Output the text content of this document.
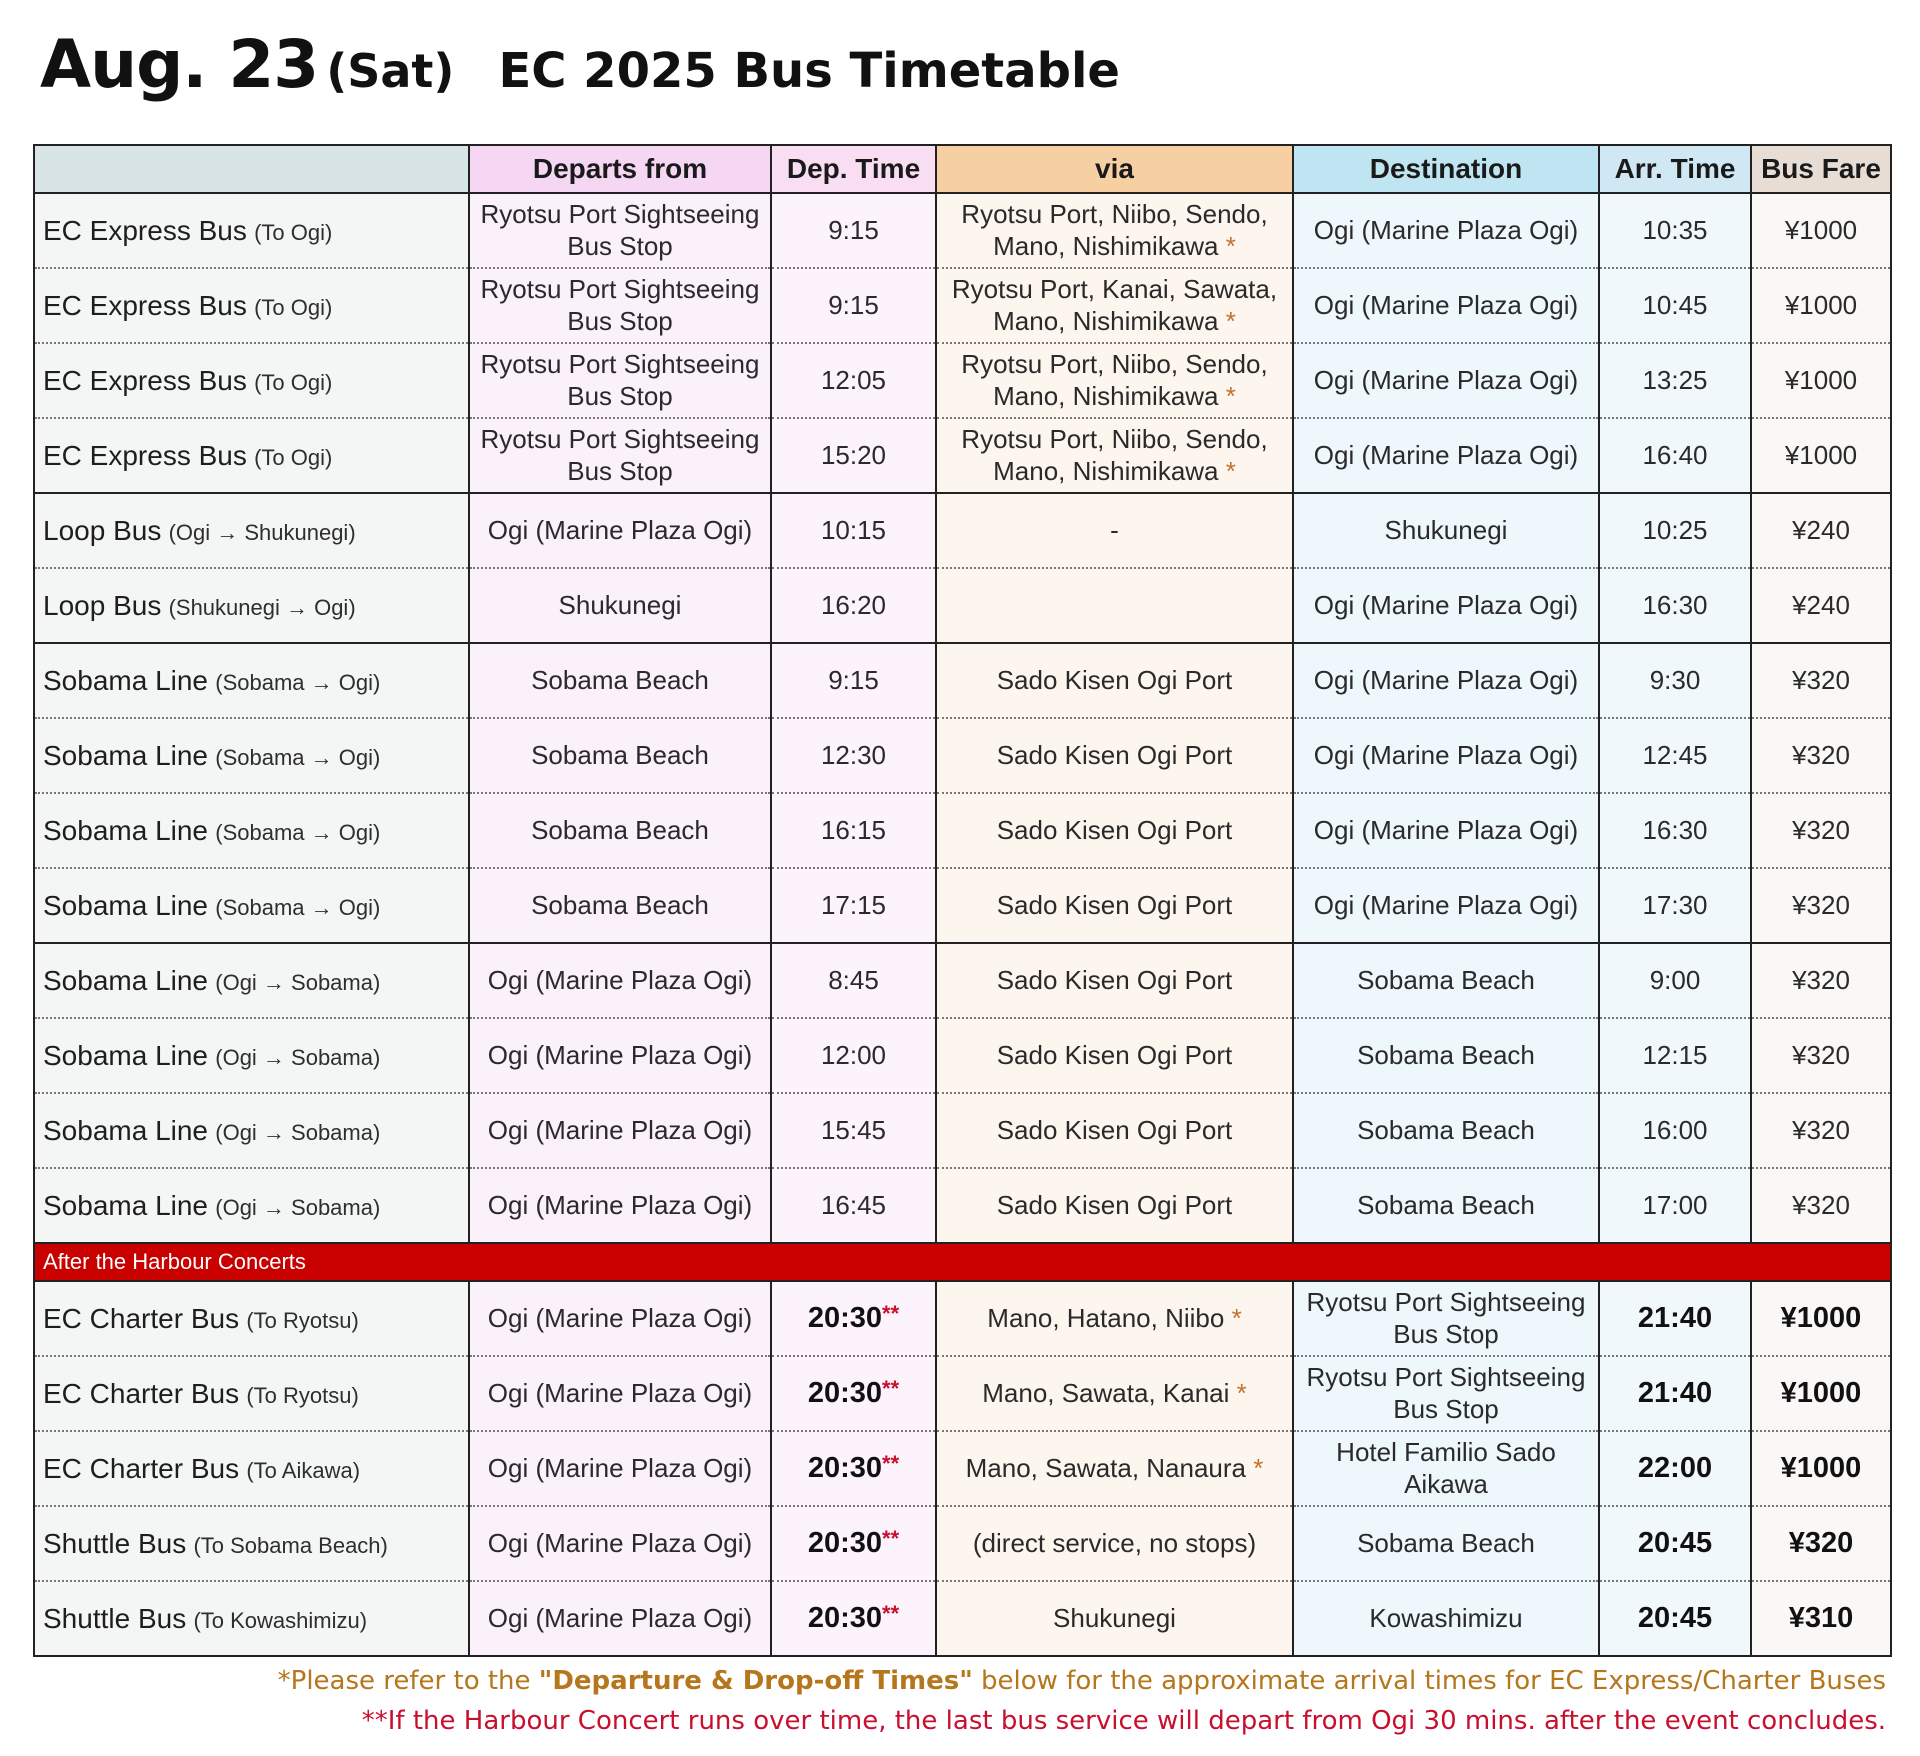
Aug. 23 (Sat) EC 2025 Bus Timetable
	Departs from	Dep. Time	via	Destination	Arr. Time	Bus Fare
EC Express Bus (To Ogi)	Ryotsu Port Sightseeing Bus Stop	9:15	Ryotsu Port, Niibo, Sendo, Mano, Nishimikawa *	Ogi (Marine Plaza Ogi)	10:35	¥1000
EC Express Bus (To Ogi)	Ryotsu Port Sightseeing Bus Stop	9:15	Ryotsu Port, Kanai, Sawata, Mano, Nishimikawa *	Ogi (Marine Plaza Ogi)	10:45	¥1000
EC Express Bus (To Ogi)	Ryotsu Port Sightseeing Bus Stop	12:05	Ryotsu Port, Niibo, Sendo, Mano, Nishimikawa *	Ogi (Marine Plaza Ogi)	13:25	¥1000
EC Express Bus (To Ogi)	Ryotsu Port Sightseeing Bus Stop	15:20	Ryotsu Port, Niibo, Sendo, Mano, Nishimikawa *	Ogi (Marine Plaza Ogi)	16:40	¥1000
Loop Bus (Ogi → Shukunegi)	Ogi (Marine Plaza Ogi)	10:15	-	Shukunegi	10:25	¥240
Loop Bus (Shukunegi → Ogi)	Shukunegi	16:20		Ogi (Marine Plaza Ogi)	16:30	¥240
Sobama Line (Sobama → Ogi)	Sobama Beach	9:15	Sado Kisen Ogi Port	Ogi (Marine Plaza Ogi)	9:30	¥320
Sobama Line (Sobama → Ogi)	Sobama Beach	12:30	Sado Kisen Ogi Port	Ogi (Marine Plaza Ogi)	12:45	¥320
Sobama Line (Sobama → Ogi)	Sobama Beach	16:15	Sado Kisen Ogi Port	Ogi (Marine Plaza Ogi)	16:30	¥320
Sobama Line (Sobama → Ogi)	Sobama Beach	17:15	Sado Kisen Ogi Port	Ogi (Marine Plaza Ogi)	17:30	¥320
Sobama Line (Ogi → Sobama)	Ogi (Marine Plaza Ogi)	8:45	Sado Kisen Ogi Port	Sobama Beach	9:00	¥320
Sobama Line (Ogi → Sobama)	Ogi (Marine Plaza Ogi)	12:00	Sado Kisen Ogi Port	Sobama Beach	12:15	¥320
Sobama Line (Ogi → Sobama)	Ogi (Marine Plaza Ogi)	15:45	Sado Kisen Ogi Port	Sobama Beach	16:00	¥320
Sobama Line (Ogi → Sobama)	Ogi (Marine Plaza Ogi)	16:45	Sado Kisen Ogi Port	Sobama Beach	17:00	¥320
After the Harbour Concerts						
EC Charter Bus (To Ryotsu)	Ogi (Marine Plaza Ogi)	20:30**	Mano, Hatano, Niibo *	Ryotsu Port Sightseeing Bus Stop	21:40	¥1000
EC Charter Bus (To Ryotsu)	Ogi (Marine Plaza Ogi)	20:30**	Mano, Sawata, Kanai *	Ryotsu Port Sightseeing Bus Stop	21:40	¥1000
EC Charter Bus (To Aikawa)	Ogi (Marine Plaza Ogi)	20:30**	Mano, Sawata, Nanaura *	Hotel Familio Sado Aikawa	22:00	¥1000
Shuttle Bus (To Sobama Beach)	Ogi (Marine Plaza Ogi)	20:30**	(direct service, no stops)	Sobama Beach	20:45	¥320
Shuttle Bus (To Kowashimizu)	Ogi (Marine Plaza Ogi)	20:30**	Shukunegi	Kowashimizu	20:45	¥310
*Please refer to the "Departure & Drop-off Times" below for the approximate arrival times for EC Express/Charter Buses
**If the Harbour Concert runs over time, the last bus service will depart from Ogi 30 mins. after the event concludes.
